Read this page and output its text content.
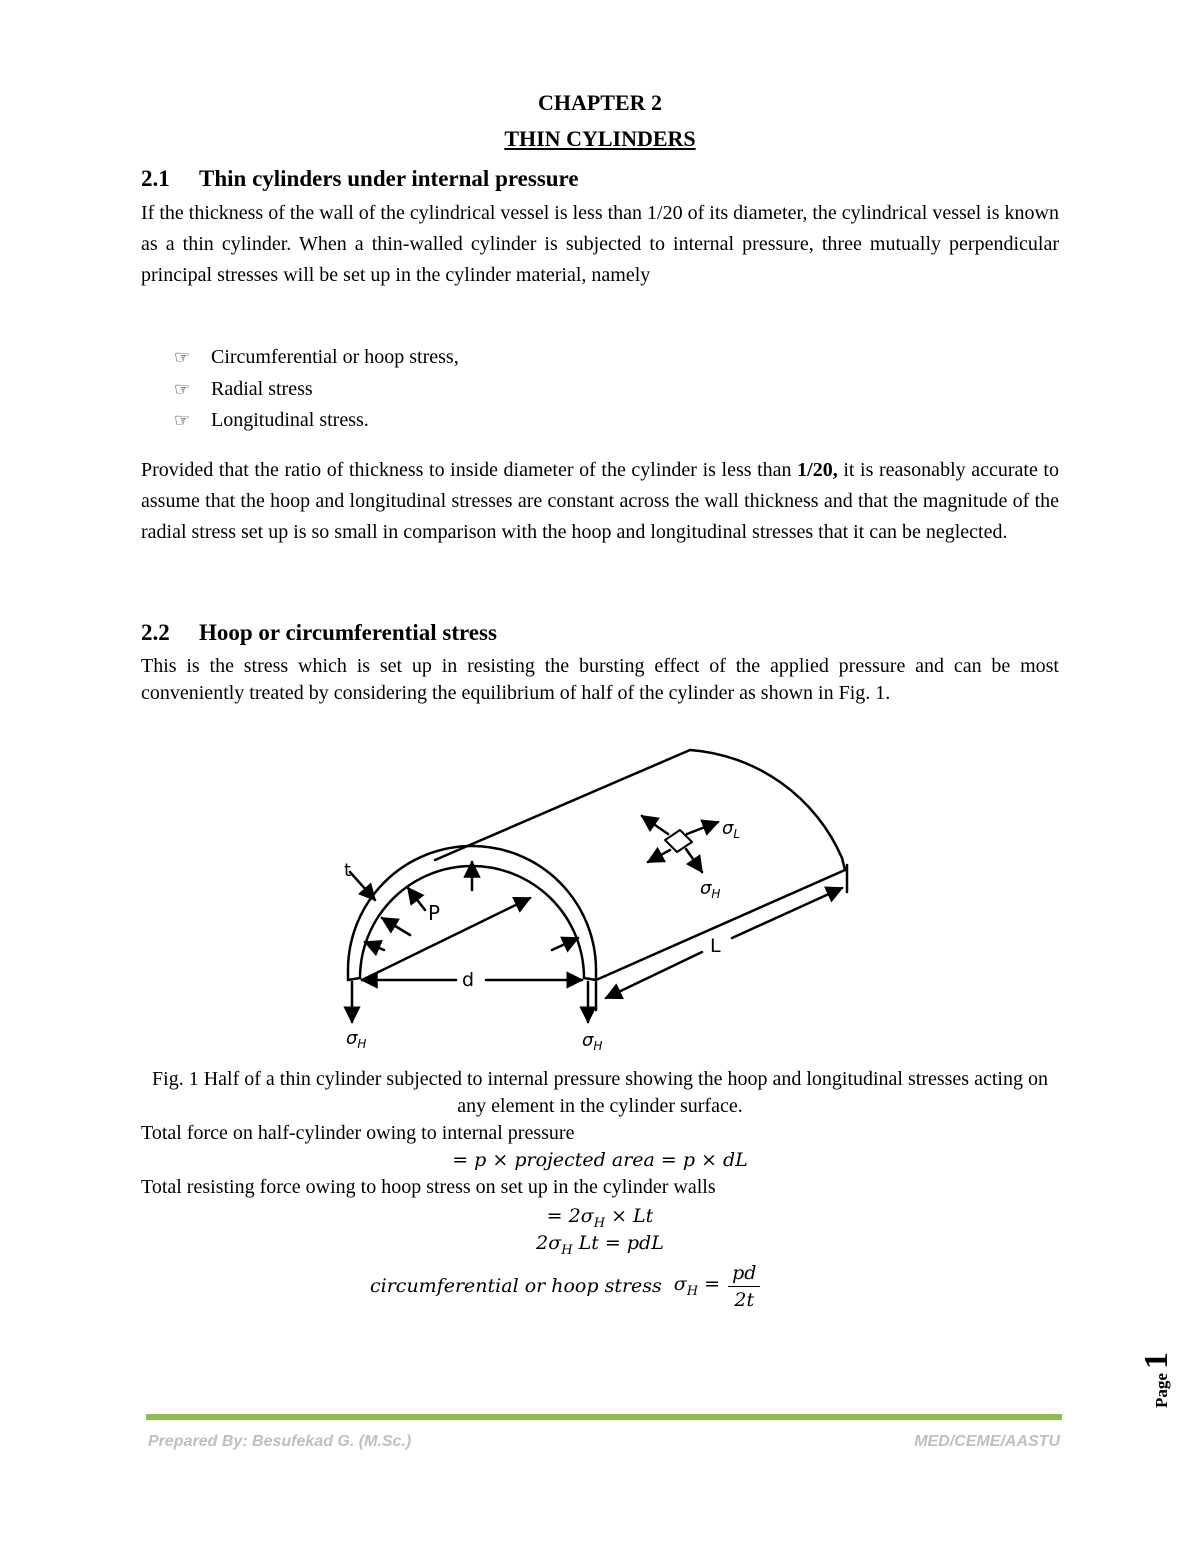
CHAPTER 2
THIN CYLINDERS
2.1 Thin cylinders under internal pressure

If the thickness of the wall of the cylindrical vessel is less than 1/20 of its diameter, the cylindrical vessel is known as a thin cylinder. When a thin-walled cylinder is subjected to internal pressure, three mutually perpendicular principal stresses will be set up in the cylinder material, namely

☞	Circumferential or hoop stress,
☞	Radial stress
☞	Longitudinal stress.

Provided that the ratio of thickness to inside diameter of the cylinder is less than 1/20, it is reasonably accurate to assume that the hoop and longitudinal stresses are constant across the wall thickness and that the magnitude of the radial stress set up is so small in comparison with the hoop and longitudinal stresses that it can be neglected.

2.2 Hoop or circumferential stress

This is the stress which is set up in resisting the bursting effect of the applied pressure and can be most conveniently treated by considering the equilibrium of half of the cylinder as shown in Fig. 1.

t
P
d
L
$\sigma_L$
$\sigma_H$
$\sigma_H$	$\sigma_H$
Fig. 1 Half of a thin cylinder subjected to internal pressure showing the hoop and longitudinal stresses acting on any element in the cylinder surface.
Total force on half-cylinder owing to internal pressure
= p × projected area = p × dL
Total resisting force owing to hoop stress on set up in the cylinder walls
= $2\sigma_H \times Lt$
$2\sigma_H$ Lt = pdL
circumferential or hoop stress $\sigma_H = \frac{pd}{2t}$
Page 1
Prepared By: Besufekad G. (M.Sc.)	MED/CEME/AASTU
